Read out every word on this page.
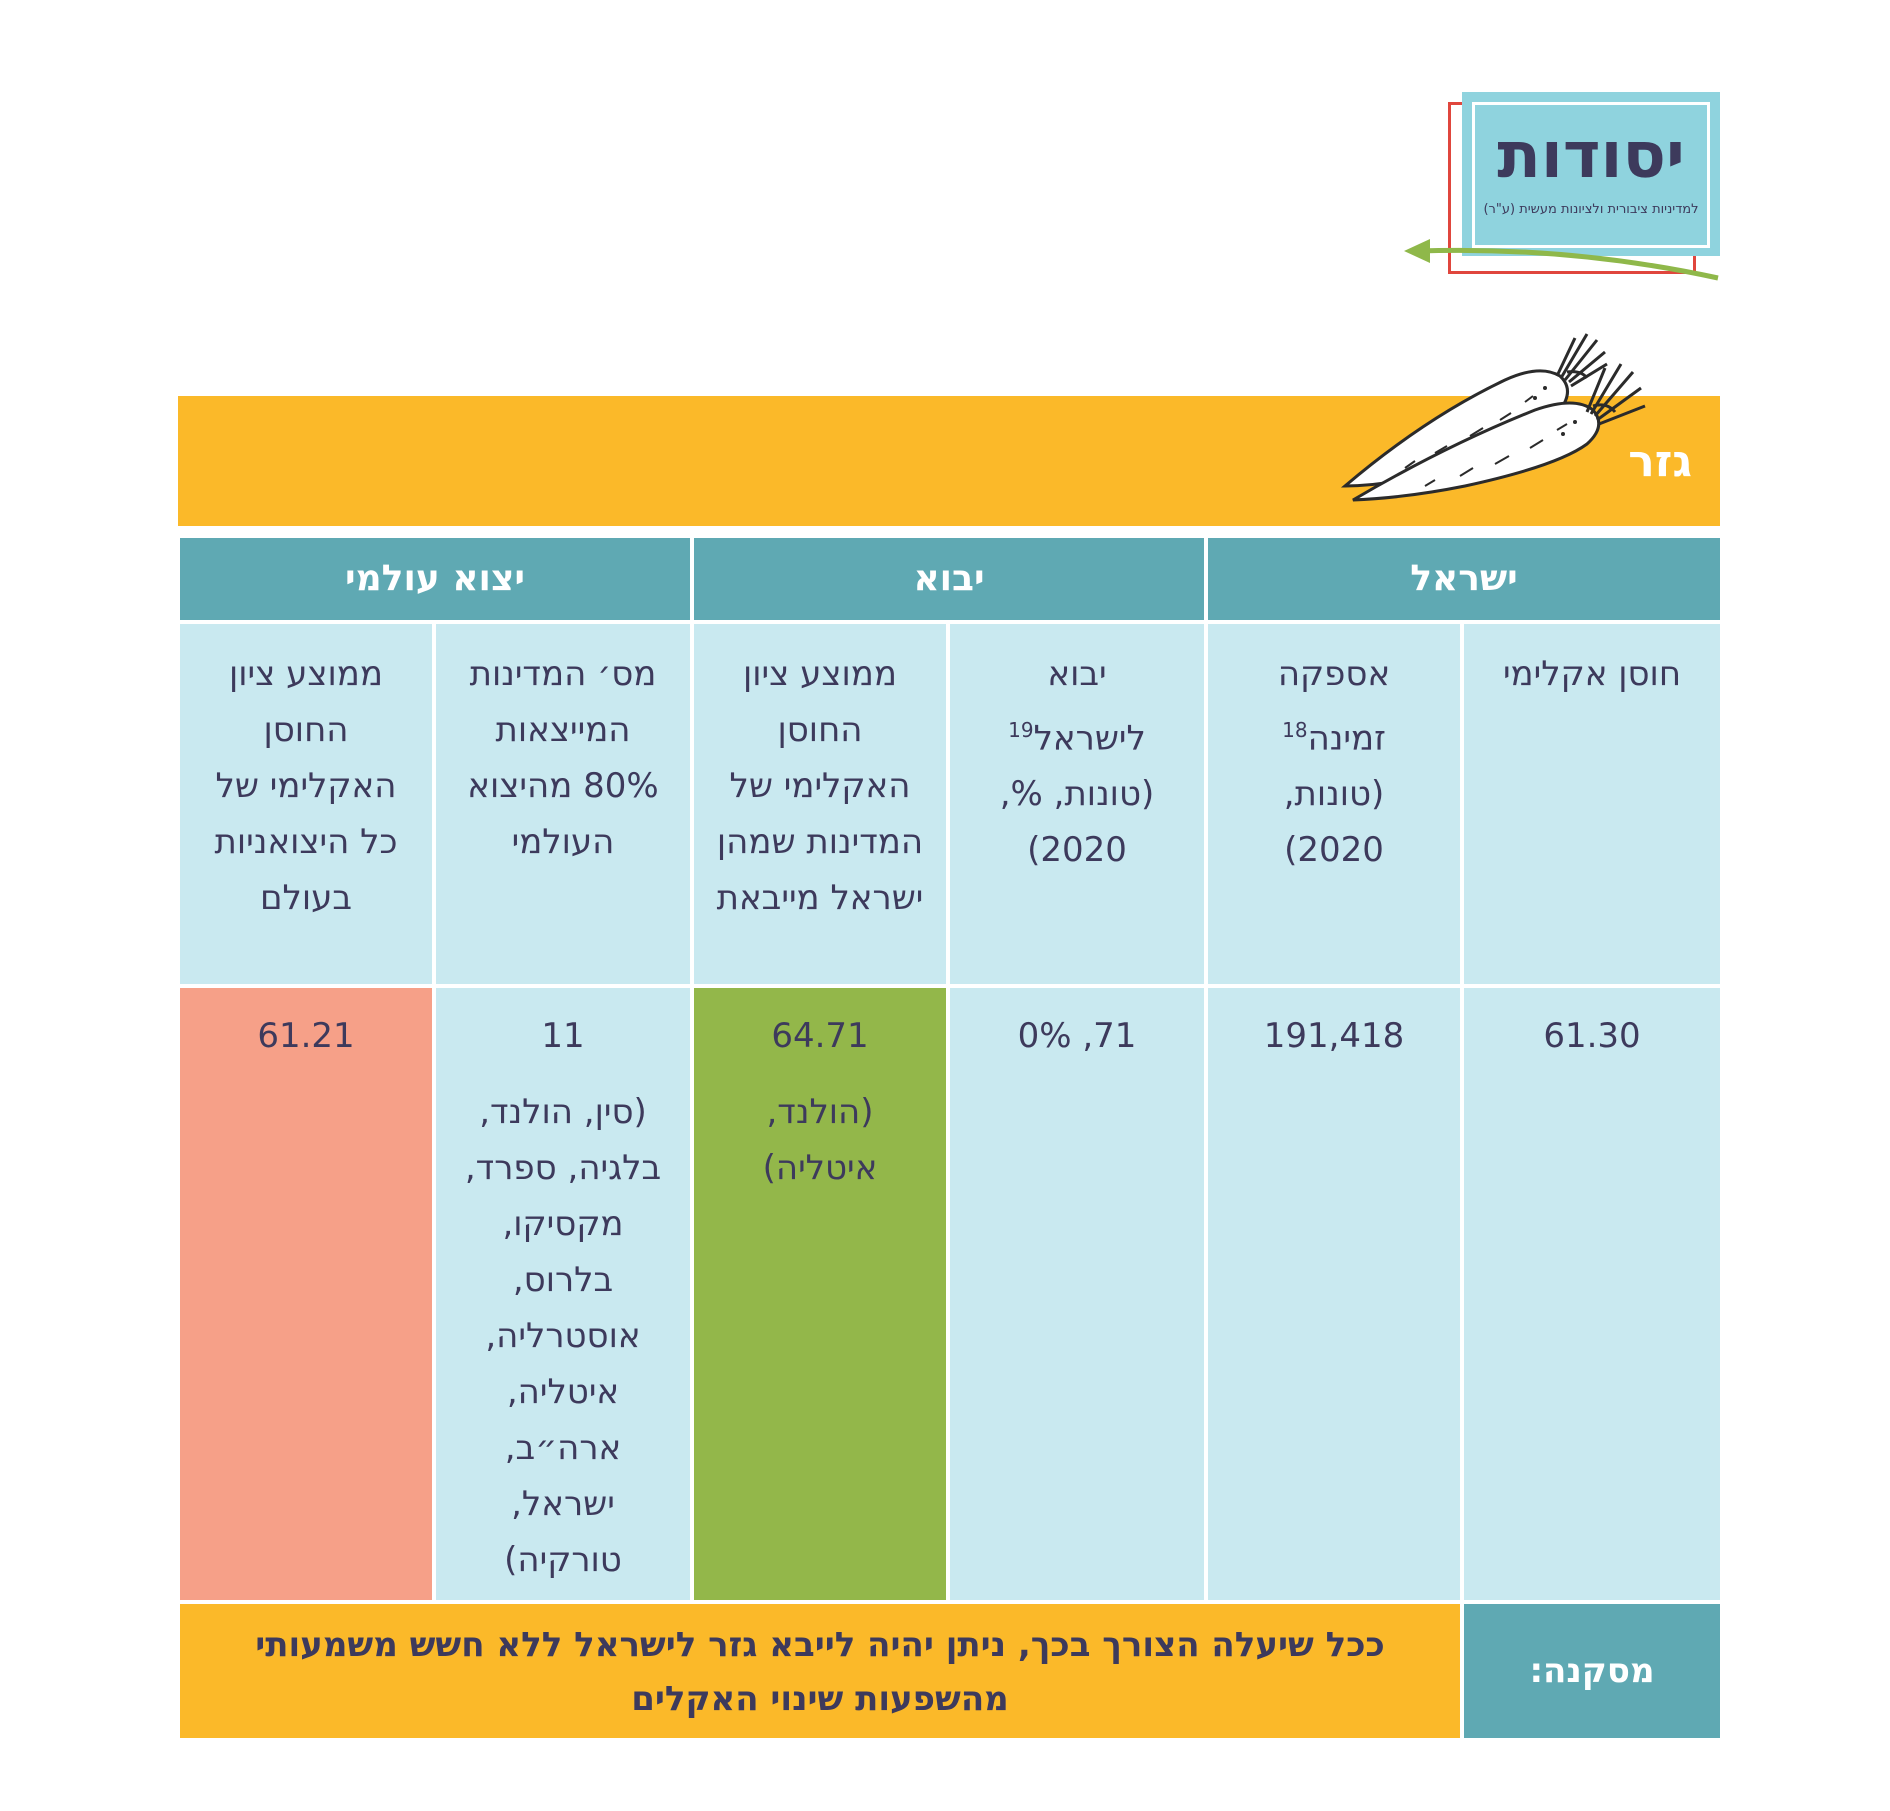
יסודות
למדיניות ציבורית ולציונות מעשית (ע"ר)
גזר
ישראל
יבוא
יצוא עולמי
חוסן אקלימי
אספקה זמינה$^{18}$ (טונות, 2020)
יבוא לישראל$^{19}$ (טונות, %, 2020)
ממוצע ציון החוסן האקלימי של המדינות שמהן ישראל מייבאת
מס׳ המדינות המייצאות 80% מהיצוא העולמי
ממוצע ציון החוסן האקלימי של כל היצואניות בעולם
61.30
191,418
71, 0%
64.71
(הולנד, איטליה)
11
(סין, הולנד, בלגיה, ספרד, מקסיקו, בלרוס, אוסטרליה, איטליה, ארה״ב, ישראל, טורקיה)
61.21
מסקנה:
ככל שיעלה הצורך בכך, ניתן יהיה לייבא גזר לישראל ללא חשש משמעותי מהשפעות שינוי האקלים
